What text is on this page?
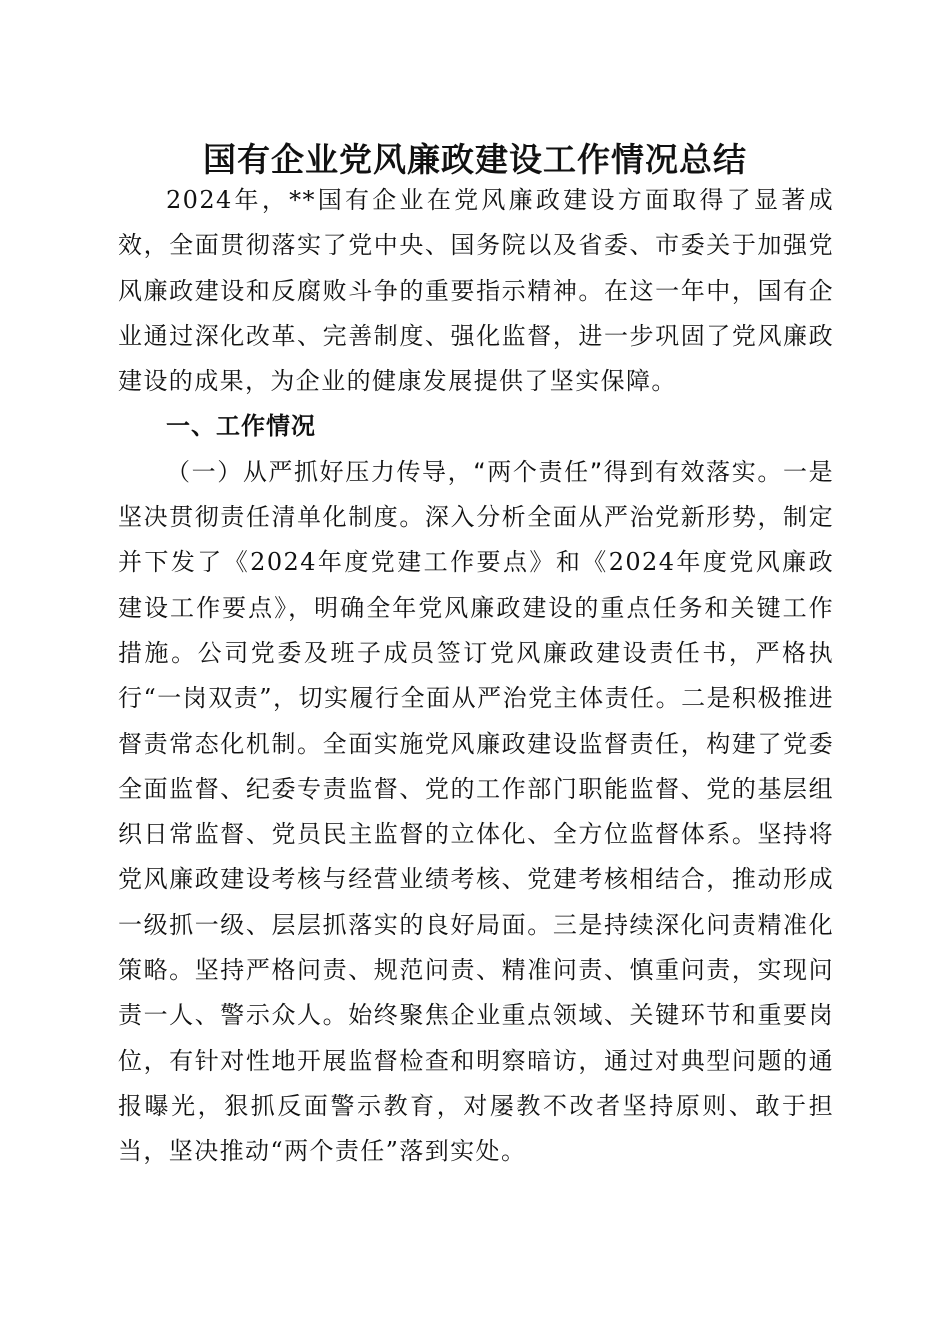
国有企业党风廉政建设工作情况总结

2024年，**国有企业在党风廉政建设方面取得了显著成效，全面贯彻落实了党中央、国务院以及省委、市委关于加强党风廉政建设和反腐败斗争的重要指示精神。在这一年中，国有企业通过深化改革、完善制度、强化监督，进一步巩固了党风廉政建设的成果，为企业的健康发展提供了坚实保障。

一、工作情况

（一）从严抓好压力传导，“两个责任”得到有效落实。一是坚决贯彻责任清单化制度。深入分析全面从严治党新形势，制定并下发了《2024年度党建工作要点》和《2024年度党风廉政建设工作要点》，明确全年党风廉政建设的重点任务和关键工作措施。公司党委及班子成员签订党风廉政建设责任书，严格执行“一岗双责”，切实履行全面从严治党主体责任。二是积极推进督责常态化机制。全面实施党风廉政建设监督责任，构建了党委全面监督、纪委专责监督、党的工作部门职能监督、党的基层组织日常监督、党员民主监督的立体化、全方位监督体系。坚持将党风廉政建设考核与经营业绩考核、党建考核相结合，推动形成一级抓一级、层层抓落实的良好局面。三是持续深化问责精准化策略。坚持严格问责、规范问责、精准问责、慎重问责，实现问责一人、警示众人。始终聚焦企业重点领域、关键环节和重要岗位，有针对性地开展监督检查和明察暗访，通过对典型问题的通报曝光，狠抓反面警示教育，对屡教不改者坚持原则、敢于担当，坚决推动“两个责任”落到实处。
